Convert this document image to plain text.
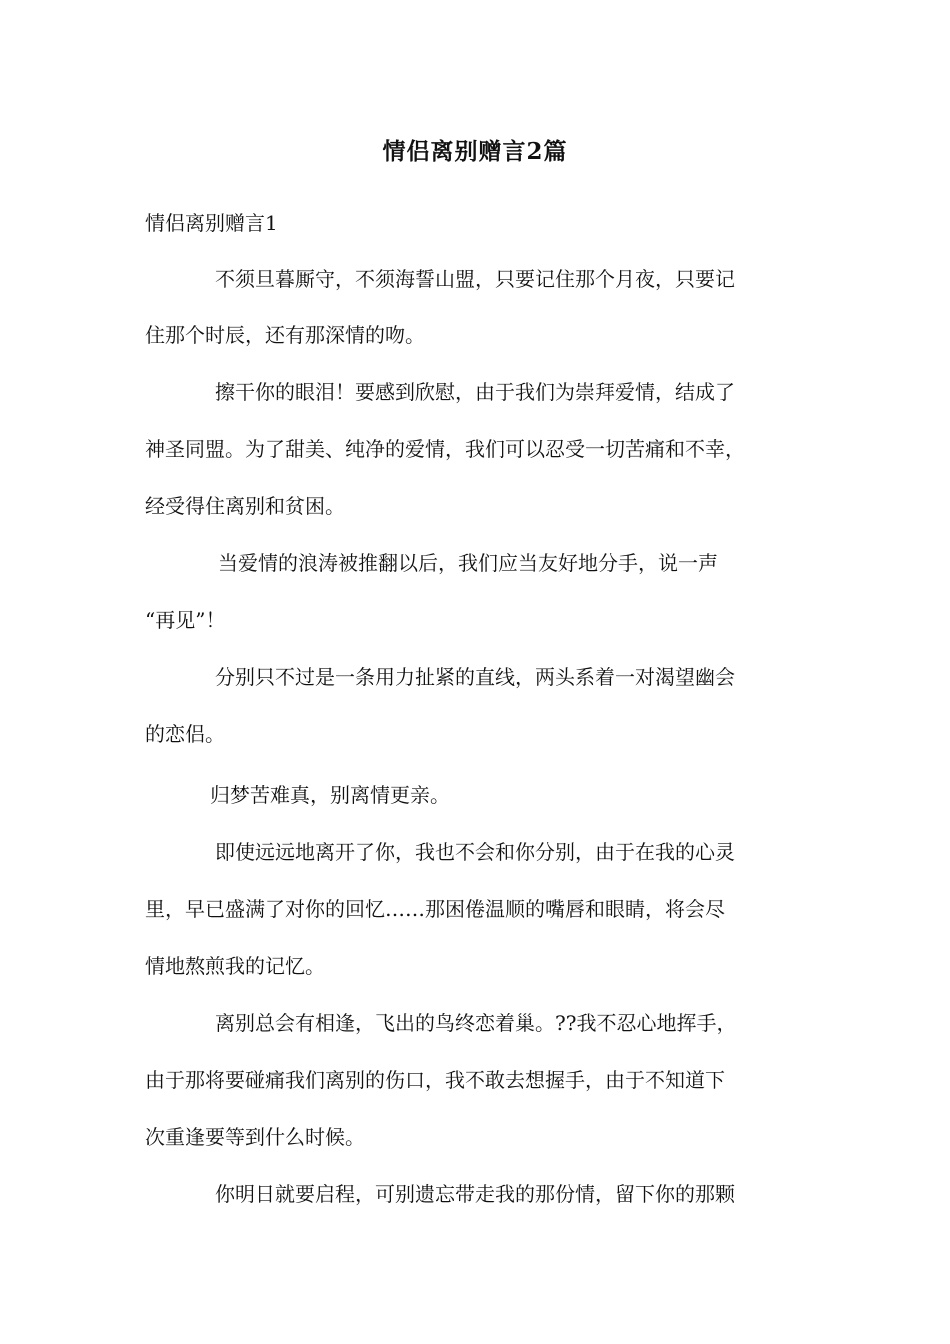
情侣离别赠言2篇

情侣离别赠言1

不须旦暮厮守，不须海誓山盟，只要记住那个月夜，只要记

住那个时辰，还有那深情的吻。

擦干你的眼泪！要感到欣慰，由于我们为崇拜爱情，结成了

神圣同盟。为了甜美、纯净的爱情，我们可以忍受一切苦痛和不幸，

经受得住离别和贫困。

当爱情的浪涛被推翻以后，我们应当友好地分手，说一声

“再见”！

分别只不过是一条用力扯紧的直线，两头系着一对渴望幽会

的恋侣。

归梦苦难真，别离情更亲。

即使远远地离开了你，我也不会和你分别，由于在我的心灵

里，早已盛满了对你的回忆……那困倦温顺的嘴唇和眼睛，将会尽

情地熬煎我的记忆。

离别总会有相逢，飞出的鸟终恋着巢。??我不忍心地挥手，

由于那将要碰痛我们离别的伤口，我不敢去想握手，由于不知道下

次重逢要等到什么时候。

你明日就要启程，可别遗忘带走我的那份情，留下你的那颗
